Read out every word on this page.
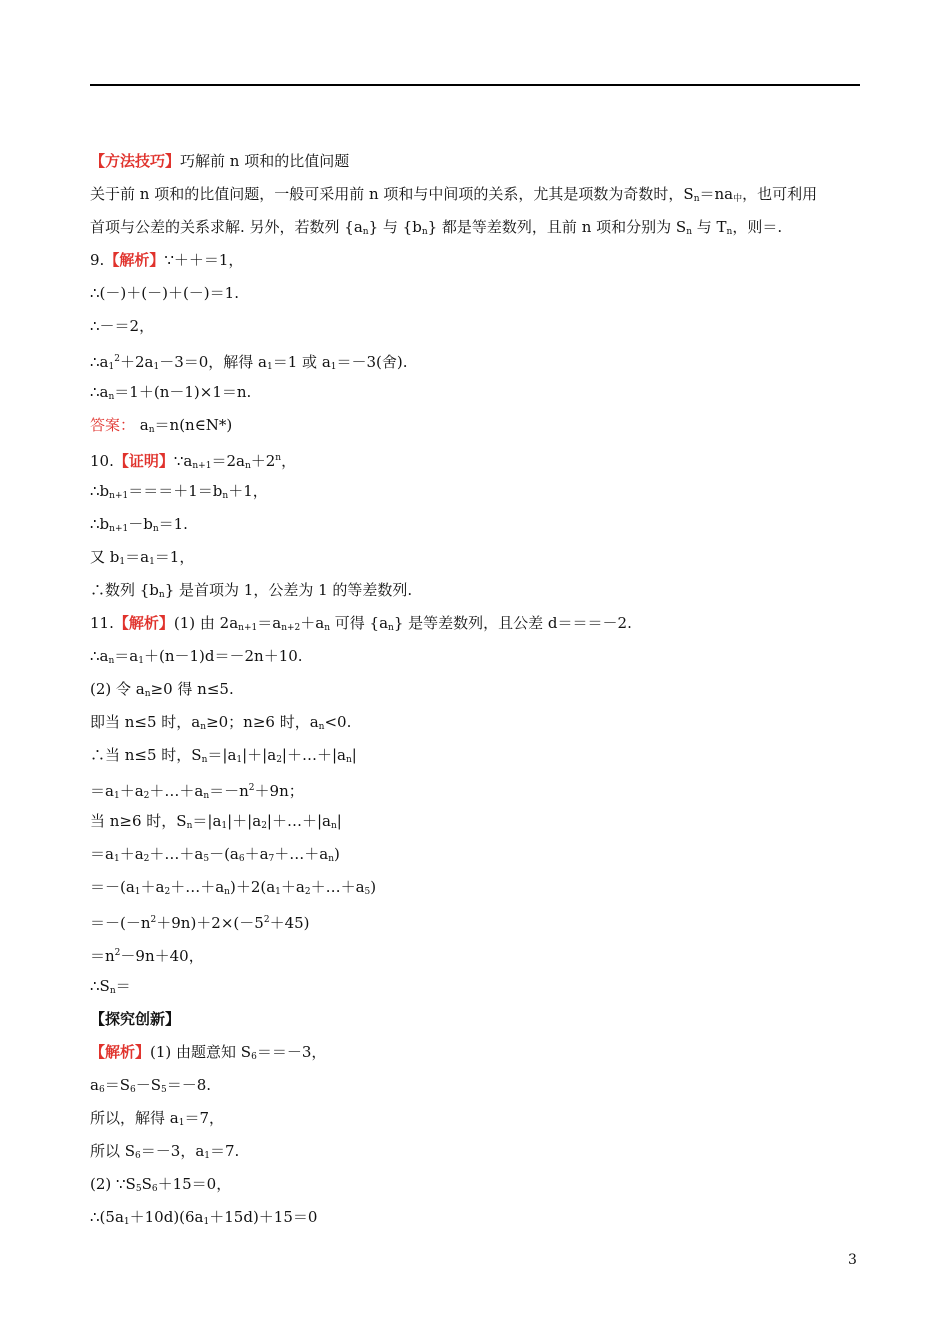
【方法技巧】巧解前 n 项和的比值问题
关于前 n 项和的比值问题，一般可采用前 n 项和与中间项的关系，尤其是项数为奇数时，$S_n=na_中$，也可利用
首项与公差的关系求解. 另外，若数列 $\{a_n\}$ 与 $\{b_n\}$ 都是等差数列，且前 n 项和分别为 $S_n$ 与 $T_n$，则＝.
9.【解析】∵＋＋＝1，
∴(－)＋(－)＋(－)＝1.
∴－＝2，
$\therefore a_1^2+2a_1-3=0$，解得 $a_1=1$ 或 $a_1=-3$(舍).
$\therefore a_n=1+(n-1)\times 1=n$.
答案： $a_n=n(n\in N*)$
10.【证明】$\because a_{n+1}=2a_n+2^n$，
$\therefore b_{n+1}===+1=b_n+1$，
$\therefore b_{n+1}-b_n=1$.
又 $b_1=a_1=1$，
∴数列 $\{b_n\}$ 是首项为 1，公差为 1 的等差数列.
11.【解析】(1) 由 $2a_{n+1}=a_{n+2}+a_n$ 可得 $\{a_n\}$ 是等差数列，且公差 d＝＝＝－2.
$\therefore a_n=a_1+(n-1)d=-2n+10$.
(2) 令 $a_n\ge 0$ 得 n≤5.
即当 n≤5 时，$a_n\ge 0$；n≥6 时，$a_n<0$.
∴当 n≤5 时，$S_n=|a_1|+|a_2|+\dots+|a_n|$
$=a_1+a_2+\dots+a_n=-n^2+9n$；
当 n≥6 时，$S_n=|a_1|+|a_2|+\dots+|a_n|$
$=a_1+a_2+\dots+a_5-(a_6+a_7+\dots+a_n)$
$=-(a_1+a_2+\dots+a_n)+2(a_1+a_2+\dots+a_5)$
$=-(-n^2+9n)+2\times(-5^2+45)$
$=n^2-9n+40$，
$\therefore S_n=$
【探究创新】
【解析】(1) 由题意知 $S_6==-3$，
$a_6=S_6-S_5=-8$.
所以，解得 $a_1=7$，
所以 $S_6=-3$，$a_1=7$.
(2) $\because S_5S_6+15=0$，
$\therefore(5a_1+10d)(6a_1+15d)+15=0$
3
